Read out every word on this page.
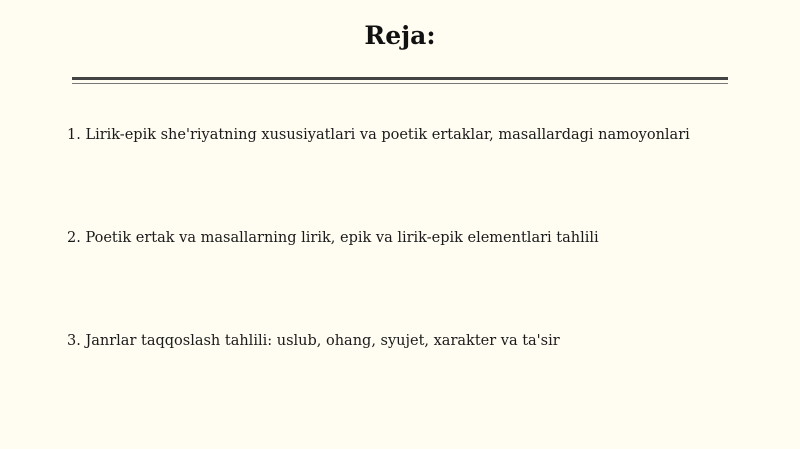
Reja:
1. Lirik-epik she'riyatning xususiyatlari va poetik ertaklar, masallardagi namoyonlari
2. Poetik ertak va masallarning lirik, epik va lirik-epik elementlari tahlili
3. Janrlar taqqoslash tahlili: uslub, ohang, syujet, xarakter va ta'sir
